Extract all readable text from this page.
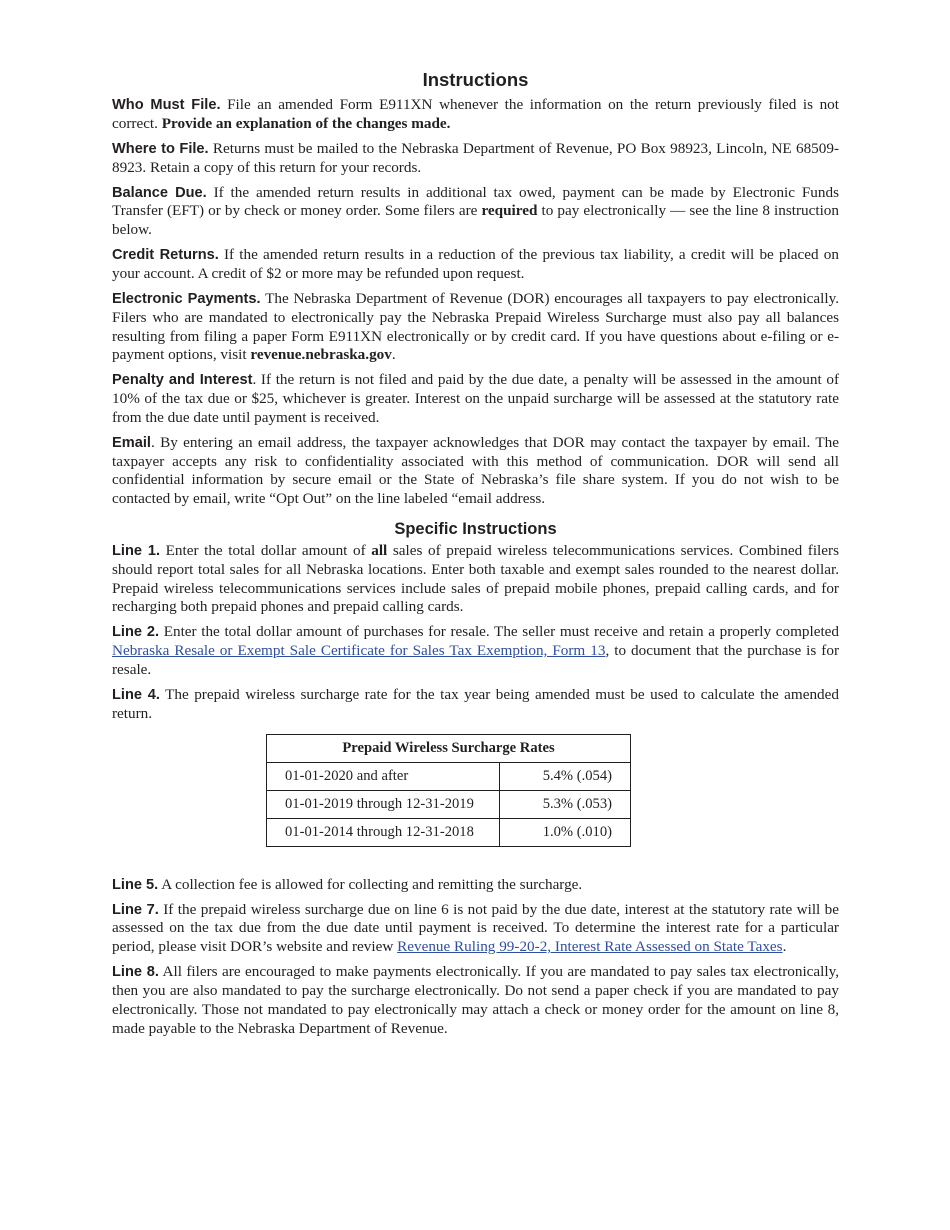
Instructions

Who Must File. File an amended Form E911XN whenever the information on the return previously filed is not correct. Provide an explanation of the changes made.

Where to File. Returns must be mailed to the Nebraska Department of Revenue, PO Box 98923, Lincoln, NE 68509-8923. Retain a copy of this return for your records.

Balance Due. If the amended return results in additional tax owed, payment can be made by Electronic Funds Transfer (EFT) or by check or money order. Some filers are required to pay electronically — see the line 8 instruction below.

Credit Returns. If the amended return results in a reduction of the previous tax liability, a credit will be placed on your account. A credit of $2 or more may be refunded upon request.

Electronic Payments. The Nebraska Department of Revenue (DOR) encourages all taxpayers to pay electronically. Filers who are mandated to electronically pay the Nebraska Prepaid Wireless Surcharge must also pay all balances resulting from filing a paper Form E911XN electronically or by credit card. If you have questions about e-filing or e-payment options, visit revenue.nebraska.gov.

Penalty and Interest. If the return is not filed and paid by the due date, a penalty will be assessed in the amount of 10% of the tax due or $25, whichever is greater. Interest on the unpaid surcharge will be assessed at the statutory rate from the due date until payment is received.

Email. By entering an email address, the taxpayer acknowledges that DOR may contact the taxpayer by email. The taxpayer accepts any risk to confidentiality associated with this method of communication. DOR will send all confidential information by secure email or the State of Nebraska’s file share system. If you do not wish to be contacted by email, write “Opt Out” on the line labeled “email address.

Specific Instructions

Line 1. Enter the total dollar amount of all sales of prepaid wireless telecommunications services. Combined filers should report total sales for all Nebraska locations. Enter both taxable and exempt sales rounded to the nearest dollar. Prepaid wireless telecommunications services include sales of prepaid mobile phones, prepaid calling cards, and for recharging both prepaid phones and prepaid calling cards.

Line 2. Enter the total dollar amount of purchases for resale. The seller must receive and retain a properly completed Nebraska Resale or Exempt Sale Certificate for Sales Tax Exemption, Form 13, to document that the purchase is for resale.

Line 4. The prepaid wireless surcharge rate for the tax year being amended must be used to calculate the amended return.

Prepaid Wireless Surcharge Rates	
01-01-2020 and after	5.4% (.054)
01-01-2019 through 12-31-2019	5.3% (.053)
01-01-2014 through 12-31-2018	1.0% (.010)

Line 5. A collection fee is allowed for collecting and remitting the surcharge.

Line 7. If the prepaid wireless surcharge due on line 6 is not paid by the due date, interest at the statutory rate will be assessed on the tax due from the due date until payment is received. To determine the interest rate for a particular period, please visit DOR’s website and review Revenue Ruling 99-20-2, Interest Rate Assessed on State Taxes.

Line 8. All filers are encouraged to make payments electronically. If you are mandated to pay sales tax electronically, then you are also mandated to pay the surcharge electronically. Do not send a paper check if you are mandated to pay electronically. Those not mandated to pay electronically may attach a check or money order for the amount on line 8, made payable to the Nebraska Department of Revenue.
